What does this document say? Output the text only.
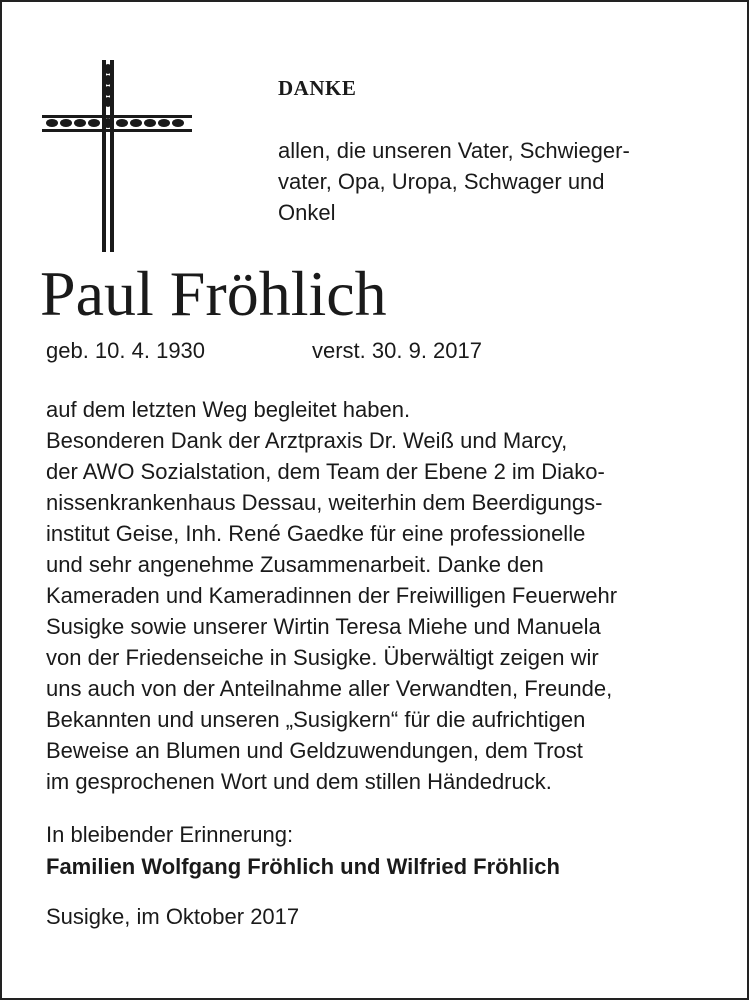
DANKE
allen, die unseren Vater, Schwieger-
vater, Opa, Uropa, Schwager und
Onkel
Paul Fröhlich
geb. 10. 4. 1930	verst. 30. 9. 2017
auf dem letzten Weg begleitet haben.
Besonderen Dank der Arztpraxis Dr. Weiß und Marcy,
der AWO Sozialstation, dem Team der Ebene 2 im Diako-
nissenkrankenhaus Dessau, weiterhin dem Beerdigungs-
institut Geise, Inh. René Gaedke für eine professionelle
und sehr angenehme Zusammenarbeit. Danke den
Kameraden und Kameradinnen der Freiwilligen Feuerwehr
Susigke sowie unserer Wirtin Teresa Miehe und Manuela
von der Friedenseiche in Susigke. Überwältigt zeigen wir
uns auch von der Anteilnahme aller Verwandten, Freunde,
Bekannten und unseren „Susigkern“ für die aufrichtigen
Beweise an Blumen und Geldzuwendungen, dem Trost
im gesprochenen Wort und dem stillen Händedruck.
In bleibender Erinnerung:
Familien Wolfgang Fröhlich und Wilfried Fröhlich
Susigke, im Oktober 2017
